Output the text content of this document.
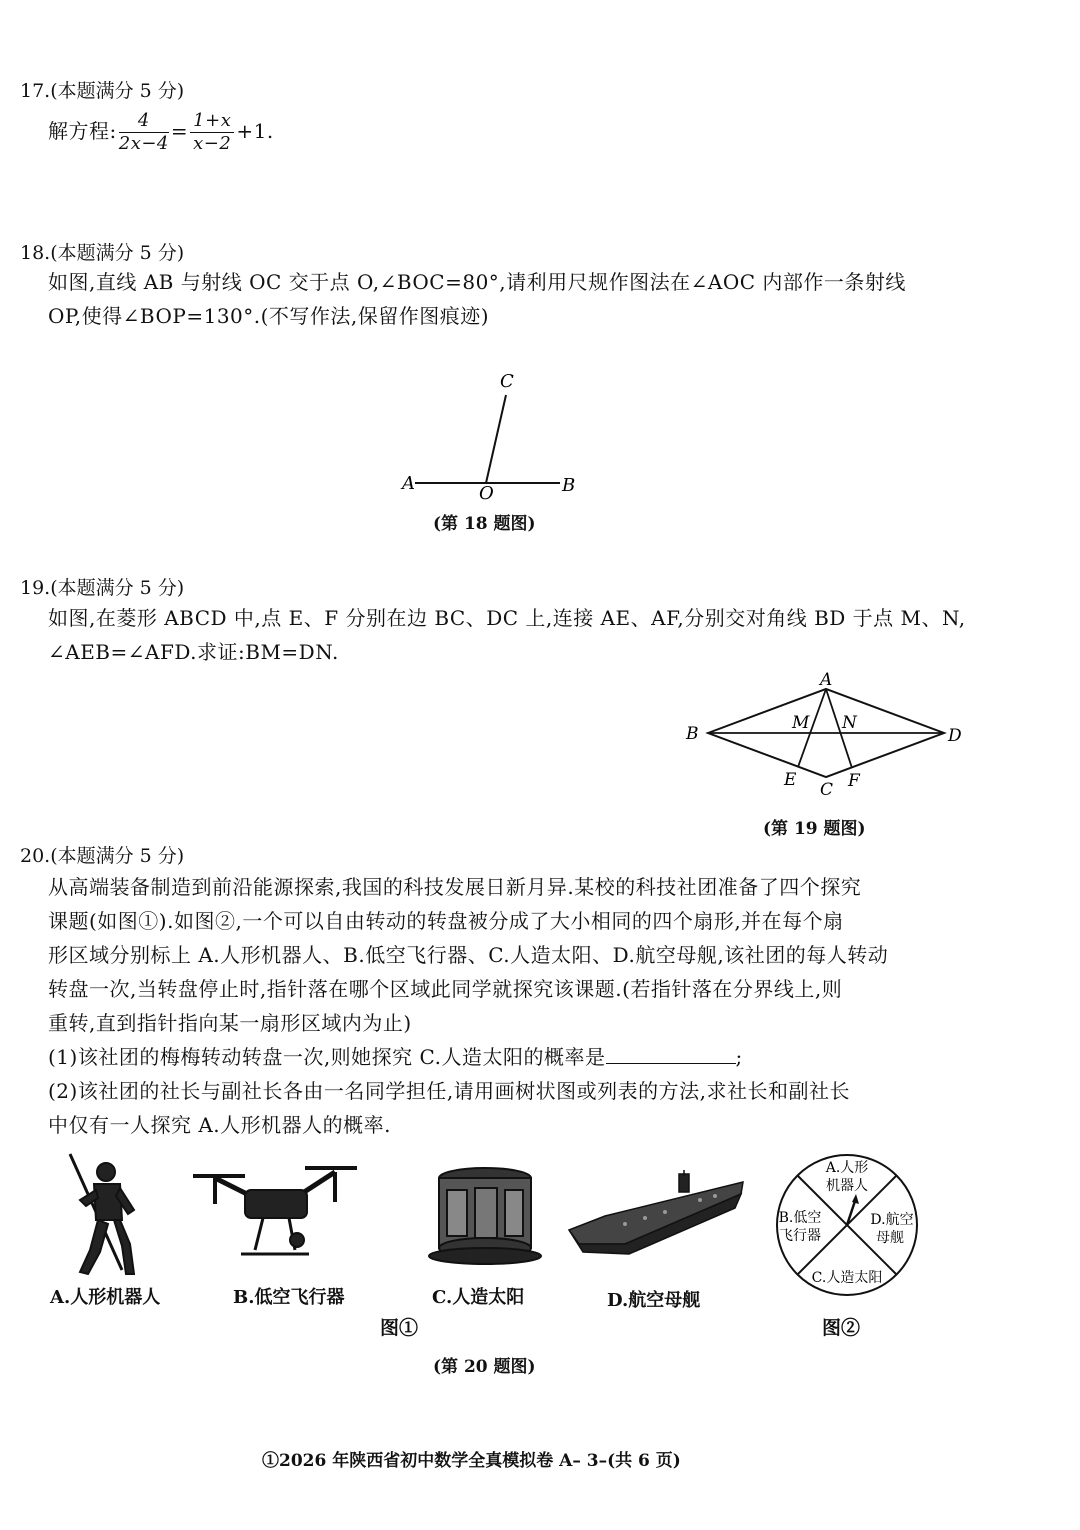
17.(本题满分 5 分)
解方程: $\frac{4}{2x-4} = \frac{1+x}{x-2} +1$.
18.(本题满分 5 分)
如图,直线 AB 与射线 OC 交于点 O,∠BOC=80°,请利用尺规作图法在∠AOC 内部作一条射线
OP,使得∠BOP=130°.(不写作法,保留作图痕迹)
A	B
C
O
(第 18 题图)
19.(本题满分 5 分)
如图,在菱形 ABCD 中,点 E、F 分别在边 BC、DC 上,连接 AE、AF,分别交对角线 BD 于点 M、N,
∠AEB=∠AFD.求证:BM=DN.
A
B
C
D
E	F
M N
(第 19 题图)
20.(本题满分 5 分)
从高端装备制造到前沿能源探索,我国的科技发展日新月异.某校的科技社团准备了四个探究
课题(如图①).如图②,一个可以自由转动的转盘被分成了大小相同的四个扇形,并在每个扇
形区域分别标上 A.人形机器人、B.低空飞行器、C.人造太阳、D.航空母舰,该社团的每人转动
转盘一次,当转盘停止时,指针落在哪个区域此同学就探究该课题.(若指针落在分界线上,则
重转,直到指针指向某一扇形区域内为止)
(1)该社团的梅梅转动转盘一次,则她探究 C.人造太阳的概率是	;
(2)该社团的社长与副社长各由一名同学担任,请用画树状图或列表的方法,求社长和副社长
中仅有一人探究 A.人形机器人的概率.
A.人形机器人	B.低空飞行器	C.人造太阳	D.航空母舰
图①
A.人形
机器人
B.低空
飞行器
D.航空
母舰
C.人造太阳
图②
(第 20 题图)
①2026 年陕西省初中数学全真模拟卷 A– 3–(共 6 页)
